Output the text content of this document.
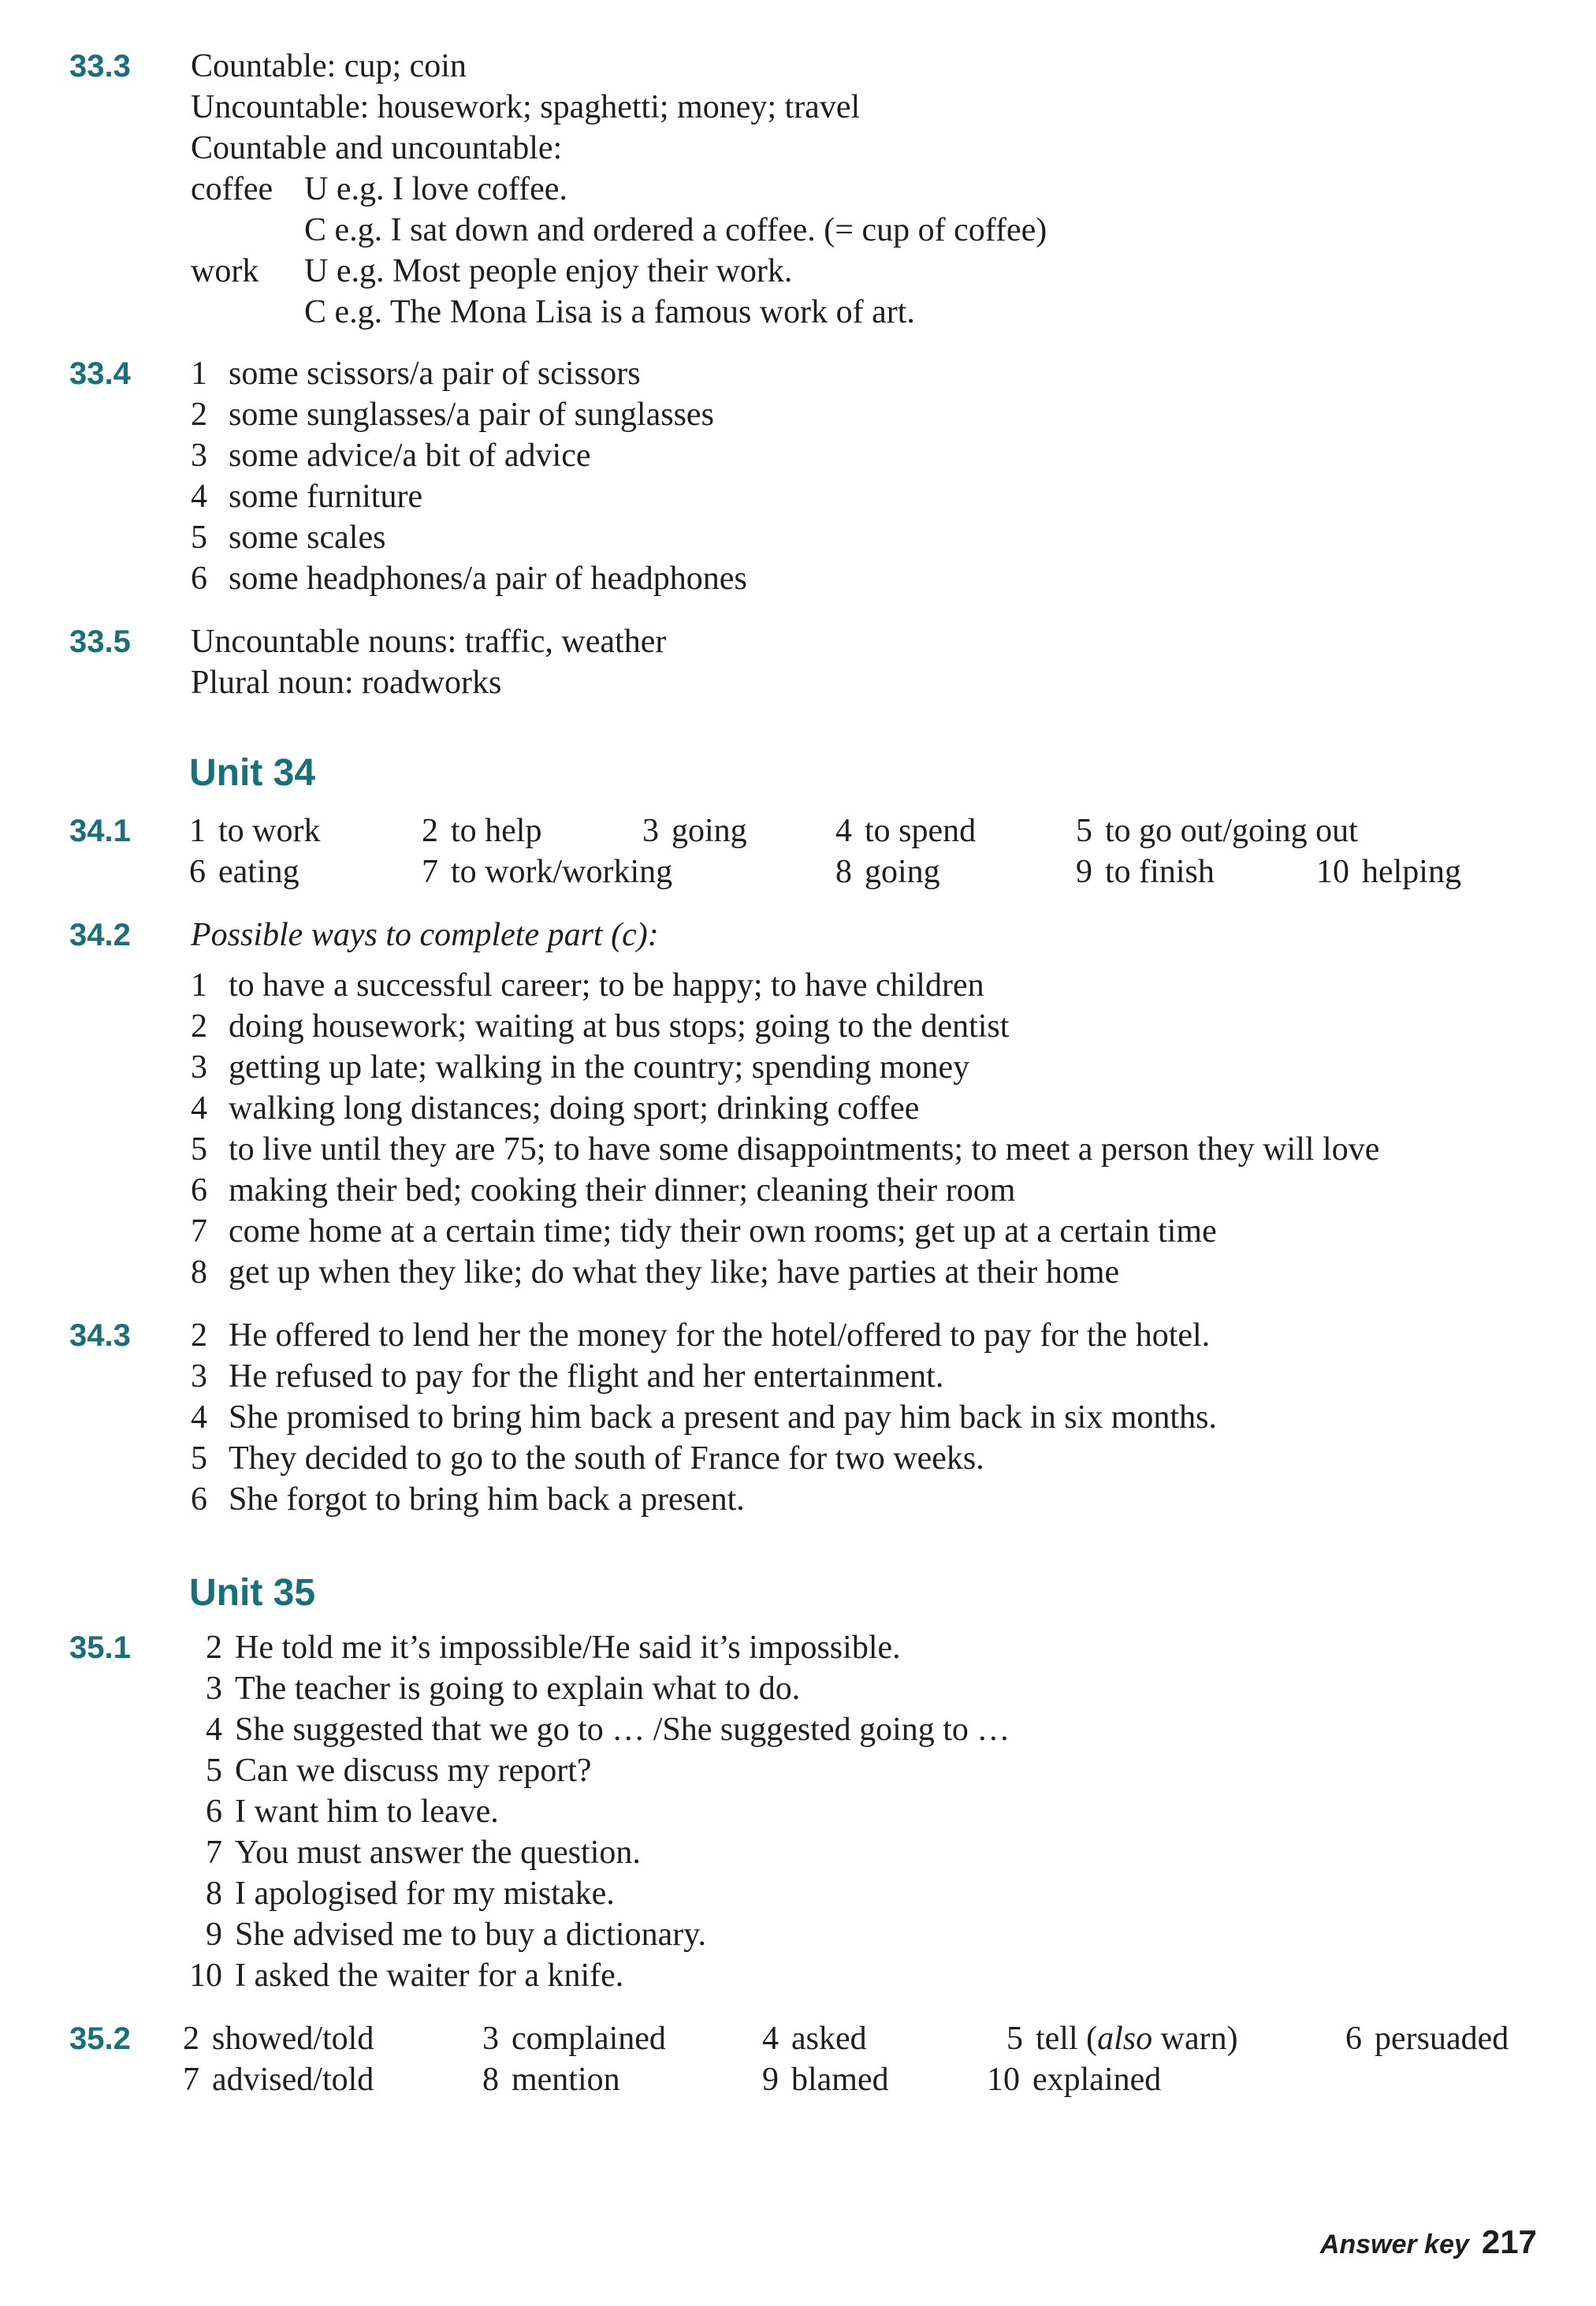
33.3 Countable: cup; coin
Uncountable: housework; spaghetti; money; travel
Countable and uncountable:
coffee U e.g. I love coffee.
C e.g. I sat down and ordered a coffee. (= cup of coffee)
work U e.g. Most people enjoy their work.
C e.g. The Mona Lisa is a famous work of art.
33.4 1 some scissors/a pair of scissors
2 some sunglasses/a pair of sunglasses
3 some advice/a bit of advice
4 some furniture
5 some scales
6 some headphones/a pair of headphones
33.5 Uncountable nouns: traffic, weather
Plural noun: roadworks
Unit 34
34.1 1 to work	2 to help	3 going	4 to spend	5 to go out/going out
6 eating	7 to work/working	8 going	9 to finish	10 helping
34.2 Possible ways to complete part (c):
1 to have a successful career; to be happy; to have children
2 doing housework; waiting at bus stops; going to the dentist
3 getting up late; walking in the country; spending money
4 walking long distances; doing sport; drinking coffee
5 to live until they are 75; to have some disappointments; to meet a person they will love
6 making their bed; cooking their dinner; cleaning their room
7 come home at a certain time; tidy their own rooms; get up at a certain time
8 get up when they like; do what they like; have parties at their home
34.3 2 He offered to lend her the money for the hotel/offered to pay for the hotel.
3 He refused to pay for the flight and her entertainment.
4 She promised to bring him back a present and pay him back in six months.
5 They decided to go to the south of France for two weeks.
6 She forgot to bring him back a present.
Unit 35
35.1	2 He told me it’s impossible/He said it’s impossible.
3 The teacher is going to explain what to do.
4 She suggested that we go to … /She suggested going to …
5 Can we discuss my report?
6 I want him to leave.
7 You must answer the question.
8 I apologised for my mistake.
9 She advised me to buy a dictionary.
10 I asked the waiter for a knife.
35.2 2 showed/told	3 complained	4 asked	5 tell (also warn)	6 persuaded
7 advised/told	8 mention	9 blamed	10 explained
Answer key 217
